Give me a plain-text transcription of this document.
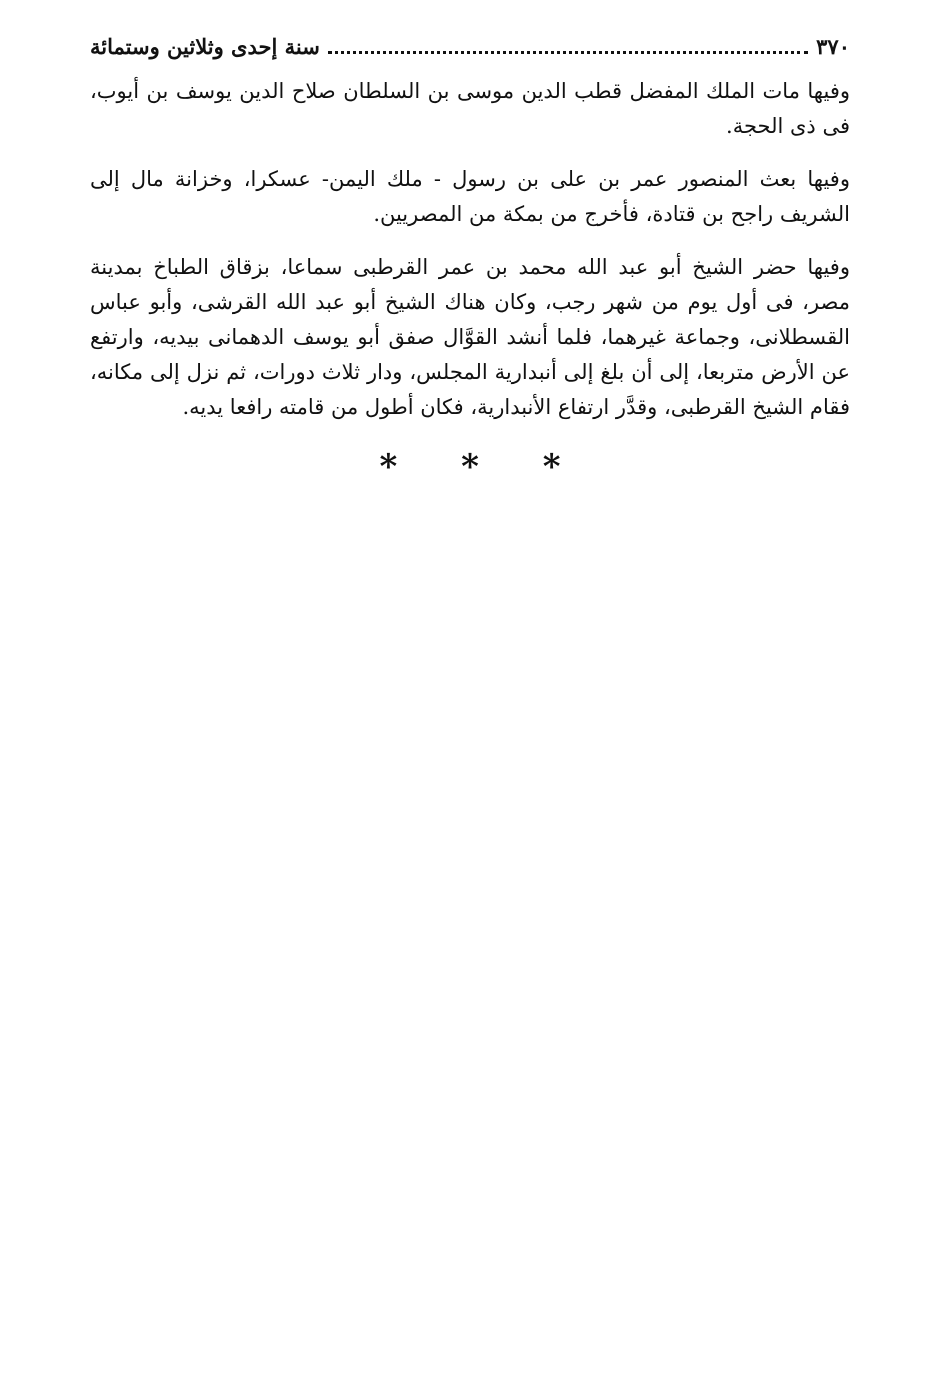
٣٧٠
سنة إحدى وثلاثين وستمائة

وفيها مات الملك المفضل قطب الدين موسى بن السلطان صلاح الدين يوسف بن أيوب، فى ذى الحجة.

وفيها بعث المنصور عمر بن على بن رسول - ملك اليمن- عسكرا، وخزانة مال إلى الشريف راجح بن قتادة، فأخرج من بمكة من المصريين.

وفيها حضر الشيخ أبو عبد الله محمد بن عمر القرطبى سماعا، بزقاق الطباخ بمدينة مصر، فى أول يوم من شهر رجب، وكان هناك الشيخ أبو عبد الله القرشى، وأبو عباس القسطلانى، وجماعة غيرهما، فلما أنشد القوَّال صفق أبو يوسف الدهمانى بيديه، وارتفع عن الأرض متربعا، إلى أن بلغ إلى أنبدارية المجلس، ودار ثلاث دورات، ثم نزل إلى مكانه، فقام الشيخ القرطبى، وقدَّر ارتفاع الأنبدارية، فكان أطول من قامته رافعا يديه.

* * *
